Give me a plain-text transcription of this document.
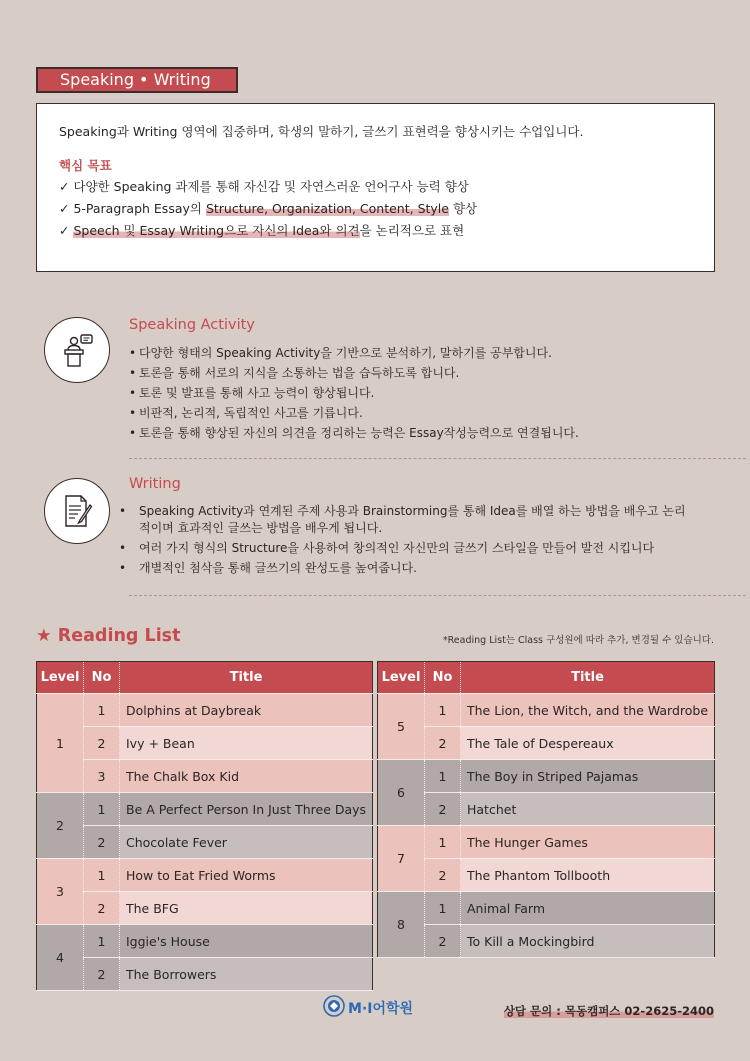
Speaking • Writing

Speaking과 Writing 영역에 집중하며, 학생의 말하기, 글쓰기 표현력을 향상시키는 수업입니다.

핵심 목표

✓ 다양한 Speaking 과제를 통해 자신감 및 자연스러운 언어구사 능력 향상

✓ 5-Paragraph Essay의 Structure, Organization, Content, Style 향상

✓ Speech 및 Essay Writing으로 자신의 Idea와 의견을 논리적으로 표현

Speaking Activity
• 다양한 형태의 Speaking Activity을 기반으로 분석하기, 말하기를 공부합니다.
• 토론을 통해 서로의 지식을 소통하는 법을 습득하도록 합니다.
• 토론 및 발표를 통해 사고 능력이 향상됩니다.
• 비판적, 논리적, 독립적인 사고를 기릅니다.
• 토론을 통해 향상된 자신의 의견을 정리하는 능력은 Essay작성능력으로 연결됩니다.
Writing
• Speaking Activity과 연계된 주제 사용과 Brainstorming를 통해 Idea를 배열 하는 방법을 배우고 논리적이며 효과적인 글쓰는 방법을 배우게 됩니다.
• 여러 가지 형식의 Structure을 사용하여 창의적인 자신만의 글쓰기 스타일을 만들어 발전 시킵니다
• 개별적인 첨삭을 통해 글쓰기의 완성도를 높여줍니다.
★ Reading List	*Reading List는 Class 구성원에 따라 추가, 변경될 수 있습니다.
Level	No	Title
1	1	Dolphins at Daybreak
	2	Ivy + Bean
	3	The Chalk Box Kid
2	1	Be A Perfect Person In Just Three Days
	2	Chocolate Fever
3	1	How to Eat Fried Worms
	2	The BFG
4	1	Iggie's House
	2	The Borrowers
Level	No	Title
5	1	The Lion, the Witch, and the Wardrobe
	2	The Tale of Despereaux
6	1	The Boy in Striped Pajamas
	2	Hatchet
7	1	The Hunger Games
	2	The Phantom Tollbooth
8	1	Animal Farm
	2	To Kill a Mockingbird
M·I어학원	상담 문의 : 목동캠퍼스 02-2625-2400
